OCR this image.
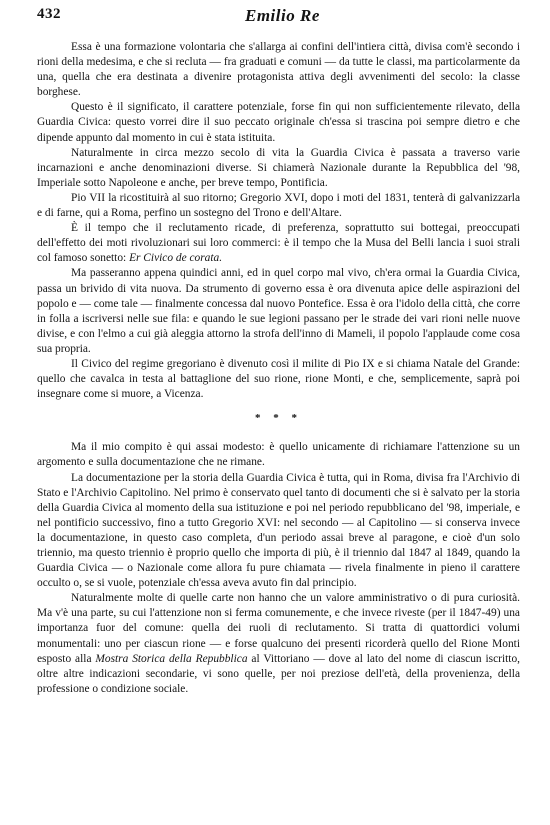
432	Emilio Re

Essa è una formazione volontaria che s'allarga ai confini dell'intiera città, divisa com'è secondo i rioni della medesima, e che si recluta — fra graduati e comuni — da tutte le classi, ma particolarmente da una, quella che era destinata a divenire protagonista attiva degli avvenimenti del secolo: la classe borghese.

Questo è il significato, il carattere potenziale, forse fin qui non sufficientemente rilevato, della Guardia Civica: questo vorrei dire il suo peccato originale ch'essa si trascina poi sempre dietro e che dipende appunto dal momento in cui è stata istituita.

Naturalmente in circa mezzo secolo di vita la Guardia Civica è passata a traverso varie incarnazioni e anche denominazioni diverse. Si chiamerà Nazionale durante la Repubblica del '98, Imperiale sotto Napoleone e anche, per breve tempo, Pontificia.

Pio VII la ricostituirà al suo ritorno; Gregorio XVI, dopo i moti del 1831, tenterà di galvanizzarla e di farne, qui a Roma, perfino un sostegno del Trono e dell'Altare.

È il tempo che il reclutamento ricade, di preferenza, soprattutto sui bottegai, preoccupati dell'effetto dei moti rivoluzionari sui loro commerci: è il tempo che la Musa del Belli lancia i suoi strali col famoso sonetto: Er Civico de corata.

Ma passeranno appena quindici anni, ed in quel corpo mal vivo, ch'era ormai la Guardia Civica, passa un brivido di vita nuova. Da strumento di governo essa è ora divenuta apice delle aspirazioni del popolo e — come tale — finalmente concessa dal nuovo Pontefice. Essa è ora l'idolo della città, che corre in folla a iscriversi nelle sue fila: e quando le sue legioni passano per le strade dei vari rioni nelle nuove divise, e con l'elmo a cui già aleggia attorno la strofa dell'inno di Mameli, il popolo l'applaude come cosa sua propria.

Il Civico del regime gregoriano è divenuto così il milite di Pio IX e si chiama Natale del Grande: quello che cavalca in testa al battaglione del suo rione, rione Monti, e che, semplicemente, saprà poi insegnare come si muore, a Vicenza.

* * *

Ma il mio compito è qui assai modesto: è quello unicamente di richiamare l'attenzione su un argomento e sulla documentazione che ne rimane.

La documentazione per la storia della Guardia Civica è tutta, qui in Roma, divisa fra l'Archivio di Stato e l'Archivio Capitolino. Nel primo è conservato quel tanto di documenti che si è salvato per la storia della Guardia Civica al momento della sua istituzione e poi nel periodo repubblicano del '98, imperiale, e nel pontificio successivo, fino a tutto Gregorio XVI: nel secondo — al Capitolino — si conserva invece la documentazione, in questo caso completa, d'un periodo assai breve al paragone, e cioè d'un solo triennio, ma questo triennio è proprio quello che importa di più, è il triennio dal 1847 al 1849, quando la Guardia Civica — o Nazionale come allora fu pure chiamata — rivela finalmente in pieno il carattere occulto o, se si vuole, potenziale ch'essa aveva avuto fin dal principio.

Naturalmente molte di quelle carte non hanno che un valore amministrativo o di pura curiosità. Ma v'è una parte, su cui l'attenzione non si ferma comunemente, e che invece riveste (per il 1847-49) una importanza fuor del comune: quella dei ruoli di reclutamento. Si tratta di quattordici volumi monumentali: uno per ciascun rione — e forse qualcuno dei presenti ricorderà quello del Rione Monti esposto alla Mostra Storica della Repubblica al Vittoriano — dove al lato del nome di ciascun iscritto, oltre altre indicazioni secondarie, vi sono quelle, per noi preziose dell'età, della provenienza, della professione o condizione sociale.
